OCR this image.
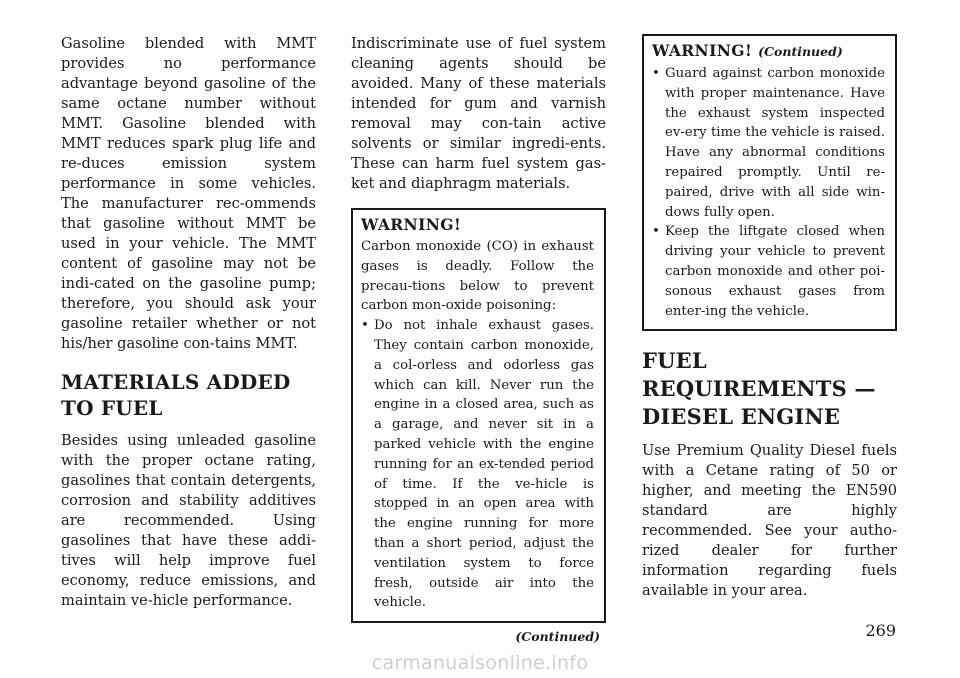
Gasoline blended with MMT provides no performance advantage beyond gasoline of the same octane number without MMT. Gasoline blended with MMT reduces spark plug life and re-duces emission system performance in some vehicles. The manufacturer rec-ommends that gasoline without MMT be used in your vehicle. The MMT content of gasoline may not be indi-cated on the gasoline pump; therefore, you should ask your gasoline retailer whether or not his/her gasoline con-tains MMT.

MATERIALS ADDED TO FUEL

Besides using unleaded gasoline with the proper octane rating, gasolines that contain detergents, corrosion and stability additives are recommended. Using gasolines that have these addi-tives will help improve fuel economy, reduce emissions, and maintain ve-hicle performance.

Indiscriminate use of fuel system cleaning agents should be avoided. Many of these materials intended for gum and varnish removal may con-tain active solvents or similar ingredi-ents. These can harm fuel system gas-ket and diaphragm materials.

WARNING!

Carbon monoxide (CO) in exhaust gases is deadly. Follow the precau-tions below to prevent carbon mon-oxide poisoning:

• Do not inhale exhaust gases. They contain carbon monoxide, a col-orless and odorless gas which can kill. Never run the engine in a closed area, such as a garage, and never sit in a parked vehicle with the engine running for an ex-tended period of time. If the ve-hicle is stopped in an open area with the engine running for more than a short period, adjust the ventilation system to force fresh, outside air into the vehicle.
(Continued)
WARNING! (Continued)
• Guard against carbon monoxide with proper maintenance. Have the exhaust system inspected ev-ery time the vehicle is raised. Have any abnormal conditions repaired promptly. Until re-paired, drive with all side win-dows fully open.
• Keep the liftgate closed when driving your vehicle to prevent carbon monoxide and other poi-sonous exhaust gases from enter-ing the vehicle.
FUEL REQUIREMENTS — DIESEL ENGINE

Use Premium Quality Diesel fuels with a Cetane rating of 50 or higher, and meeting the EN590 standard are highly recommended. See your autho-rized dealer for further information regarding fuels available in your area.

269
carmanualsonline.info
